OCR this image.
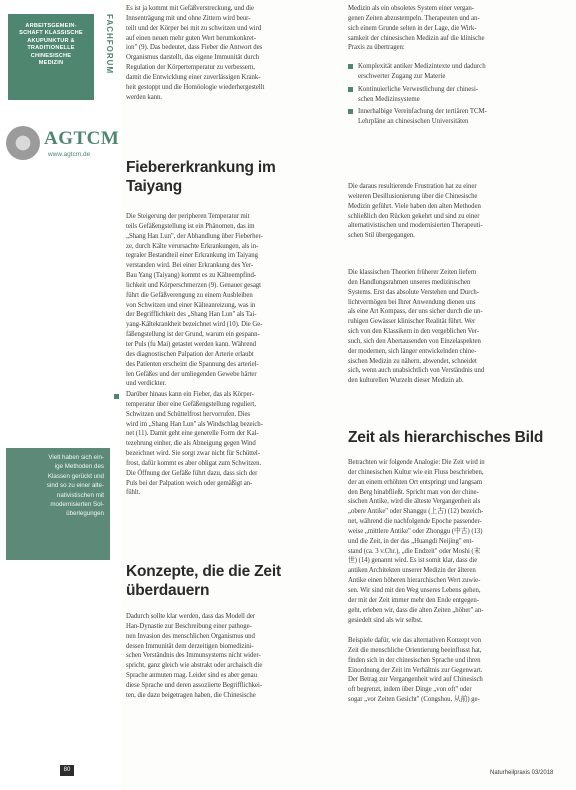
ARBEITSGEMEIN-
SCHAFT KLASSISCHE
AKUPUNKTUR &
TRADITIONELLE
CHINESISCHE
MEDIZIN	FACHFORUM
AGTCM
www.agtcm.de
Vielt haben sich ein-
ige Methoden des
Klassen gerückt und
sind so zu einer alte-
nativistischen mit
modernisierten Sol-
überlegungen
80
Es ist ja kommt mit Gefäßverstreckung, und die
Innsenträgung mit und ohne Zittern wird beur-
teilt und der Körper bei mit zu schwitzen und wird
auf einen neuen mehr guten Wert herumkonkret-
ion" (9). Das bedeutet, dass Fieber die Antwort des
Organismus darstellt, das eigene Immunität durch
Regulation der Körpertemperatur zu verbessern,
damit die Entwicklung einer zuverlässigen Krank-
heit gestoppt und die Homöologie wiederhergestellt
werden kann.
Fiebererkrankung im
Taiyang
Die Steigerung der peripheren Temperatur mit
teils Gefäßengstellung ist ein Phänomen, das im
„Shang Han Lun", der Abhandlung über Fieberher-
ze, durch Kälte verursachte Erkrankungen, als in-
tegraler Bestandteil einer Erkrankung im Taiyang
verstanden wird. Bei einer Erkrankung des Yer-
Bau Yang (Taiyang) kommt es zu Kälteempfind-
lichkeit und Körperschmerzen (9). Genauer gesagt
führt die Gefäßverengung zu einem Ausbleiben
von Schwitzen und einer Kälteanreizung, was in
der Begrifflichkeit des „Shang Han Lun" als Tai-
yang-Kältekrankheit bezeichnet wird (10). Die Ge-
fäßengstellung ist der Grund, warum ein gespann-
ter Puls (fu Mai) getastet werden kann. Während
des diagnostischen Palpation der Arterie erlaubt
des Patienten erscheint die Spannung des arteriel-
len Gefäßes und der umliegenden Gewebe härter
und verdickter.
Darüber hinaus kann ein Fieber, das als Körper-
temperatur über eine Gefäßengstellung reguliert,
Schwitzen und Schüttelfrost hervorrufen. Dies
wird im „Shang Han Lun" als Windschlag bezeich-
net (11). Damit geht eine generelle Form der Kal-
tezehrung einher, die als Abneigung gegen Wind
bezeichnet wird. Sie sorgt zwar nicht für Schüttel-
frost, dafür kommt es aber obligat zum Schwitzen.
Die Öffnung der Gefäße führt dazu, dass sich der
Puls bei der Palpation weich oder gemäßigt an-
fühlt.
Konzepte, die die Zeit
überdauern
Dadurch sollte klar werden, dass das Modell der
Han-Dynastie zur Beschreibung einer pathoge-
nen Invasion des menschlichen Organismus und
dessen Immunität dem derzeitigen biomedizini-
schen Verständnis des Immunsystems nicht wider-
spricht, ganz gleich wie abstrakt oder archaisch die
Sprache anmuten mag. Leider sind es aber genau
diese Sprache und deren assoziierte Begrifflichkei-
ten, die dazu beigetragen haben, die Chinesische
Medizin als ein obsoletes System einer vergan-
genen Zeiten abzustempeln. Therapeuten und an-
sich einem Grunde selten in der Lage, die Wirk-
samkeit der chinesischen Medizin auf die klinische
Praxis zu übertragen:
Komplexität antiker Medizintexte und dadurch
erschwerter Zugang zur Materie
Kontinuierliche Verwestlichung der chinesi-
schen Medizinsysteme
Innerhalbige Vereinfachung der tertiären TCM-
Lehrpläne an chinesischen Universitäten
Die daraus resultierende Frustration hat zu einer
weiteren Desillusionierung über die Chinesische
Medizin geführt. Viele haben den alten Methoden
schließlich den Rücken gekehrt und sind zu einer
alternativistischen und modernisierten Therapeuti-
schen Stil übergegangen.
Die klassischen Theorien früherer Zeiten liefern
den Handlungsrahmen unseres medizinischen
Systems. Erst das absolute Verstehen und Durch-
lichtvermögen bei Ihrer Anwendung dienen uns
als eine Art Kompass, der uns sicher durch die un-
ruhigen Gewässer klinischer Realität führt. Wer
sich von den Klassikern in den vergeblichen Ver-
such, sich den Abertausenden von Einzelaspekten
der modernen, sich länger entwickelnden chine-
sischen Medizin zu nähern, abwendet, schneidet
sich, wenn auch unabsichtlich von Verständnis und
den kulturellen Wurzeln dieser Medizin ab.
Zeit als hierarchisches Bild
Betrachten wir folgende Analogie: Die Zeit wird in
der chinesischen Kultur wie ein Fluss beschrieben,
der an einem erhöhten Ort entspringt und langsam
den Berg hinabfließt. Spricht man von der chine-
sischen Antike, wird die älteste Vergangenheit als
„obere Antike" oder Shanggu (上古) (12) bezeich-
net, während die nachfolgende Epoche passender-
weise „mittlere Antike" oder Zhonggu (中古) (13)
und die Zeit, in der das „Huangdi Neijing" ent-
stand (ca. 3 v.Chr.), „die Endzeit" oder Moshi (末
世) (14) genannt wird. Es ist somit klar, dass die
antiken Architekten unserer Medizin der älteren
Antike einen höheren hierarchischen Wert zuwie-
sen. Wir sind mit den Weg unseres Lebens gehen,
der mit der Zeit immer mehr den Ende entgegen-
geht, erleben wir, dass die alten Zeiten „höher" an-
gesiedelt sind als wir selbst.
Beispiele dafür, wie das alternativen Konzept von
Zeit die menschliche Orientierung beeinflusst hat,
finden sich in der chinesischen Sprache und ihren
Einordnung der Zeit im Verhältnis zur Gegenwart.
Der Betrag zur Vergangenheit wird auf Chinesisch
oft begrenzt, indem über Dinge „von oft" oder
sogar „vor Zeiten Gesicht" (Congshou, 从前) ge-
Naturheilpraxis 03/2018
